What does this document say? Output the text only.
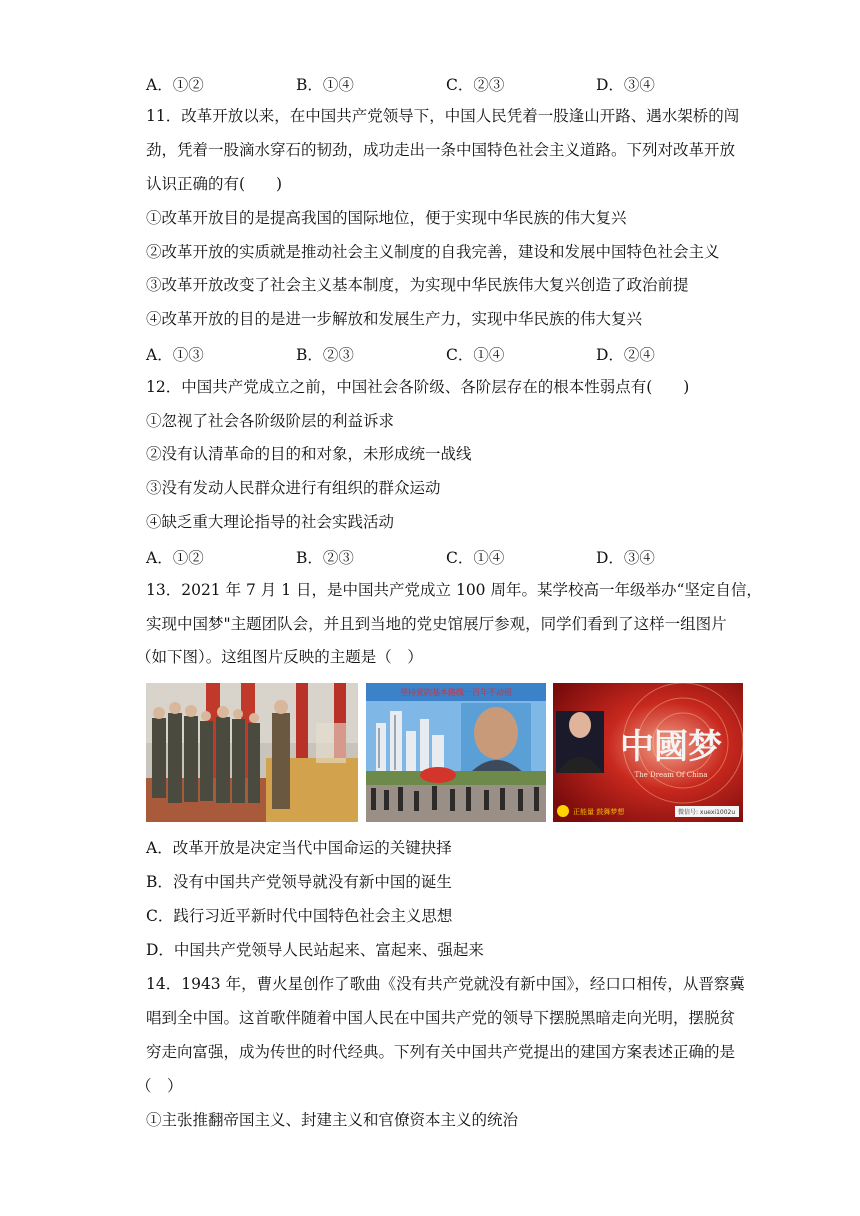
A．①②	B．①④	C．②③	D．③④
11．改革开放以来，在中国共产党领导下，中国人民凭着一股逢山开路、遇水架桥的闯
劲，凭着一股滴水穿石的韧劲，成功走出一条中国特色社会主义道路。下列对改革开放
认识正确的有(　　)
①改革开放目的是提高我国的国际地位，便于实现中华民族的伟大复兴
②改革开放的实质就是推动社会主义制度的自我完善，建设和发展中国特色社会主义
③改革开放改变了社会主义基本制度，为实现中华民族伟大复兴创造了政治前提
④改革开放的目的是进一步解放和发展生产力，实现中华民族的伟大复兴
A．①③	B．②③	C．①④	D．②④
12．中国共产党成立之前，中国社会各阶级、各阶层存在的根本性弱点有(　　)
①忽视了社会各阶级阶层的利益诉求
②没有认清革命的目的和对象，未形成统一战线
③没有发动人民群众进行有组织的群众运动
④缺乏重大理论指导的社会实践活动
A．①②	B．②③	C．①④	D．③④
13．2021 年 7 月 1 日，是中国共产党成立 100 周年。某学校高一年级举办“坚定自信，
实现中国梦"主题团队会，并且到当地的党史馆展厅参观，同学们看到了这样一组图片
（如下图）。这组图片反映的主题是（　）
坚持党的基本路线一百年不动摇
中國梦
The Dream Of China
正能量 鼓舞梦想	微信号: xuexi1002u
A．改革开放是决定当代中国命运的关键抉择
B．没有中国共产党领导就没有新中国的诞生
C．践行习近平新时代中国特色社会主义思想
D．中国共产党领导人民站起来、富起来、强起来
14．1943 年，曹火星创作了歌曲《没有共产党就没有新中国》，经口口相传，从晋察冀
唱到全中国。这首歌伴随着中国人民在中国共产党的领导下摆脱黑暗走向光明，摆脱贫
穷走向富强，成为传世的时代经典。下列有关中国共产党提出的建国方案表述正确的是
（　）
①主张推翻帝国主义、封建主义和官僚资本主义的统治
